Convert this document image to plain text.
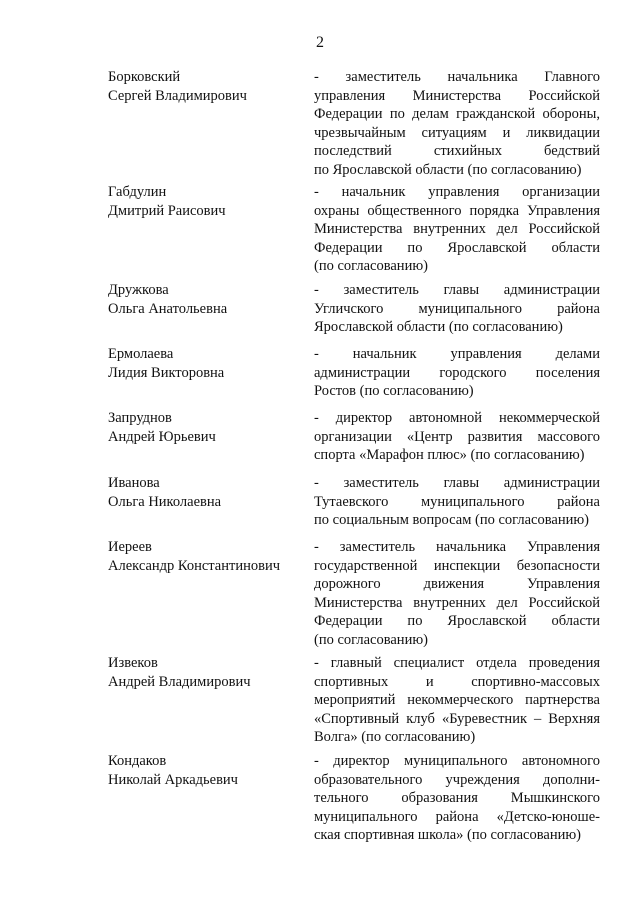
2
Борковский
Сергей Владимирович
- заместитель начальника Главного
управления Министерства Российской
Федерации по делам гражданской обороны,
чрезвычайным ситуациям и ликвидации
последствий стихийных бедствий
по Ярославской области (по согласованию)
Габдулин
Дмитрий Раисович
- начальник управления организации
охраны общественного порядка Управления
Министерства внутренних дел Российской
Федерации по Ярославской области
(по согласованию)
Дружкова
Ольга Анатольевна
- заместитель главы администрации
Угличского муниципального района
Ярославской области (по согласованию)
Ермолаева
Лидия Викторовна
- начальник управления делами
администрации городского поселения
Ростов (по согласованию)
Запруднов
Андрей Юрьевич
- директор автономной некоммерческой
организации «Центр развития массового
спорта «Марафон плюс» (по согласованию)
Иванова
Ольга Николаевна
- заместитель главы администрации
Тутаевского муниципального района
по социальным вопросам (по согласованию)
Иереев
Александр Константинович
- заместитель начальника Управления
государственной инспекции безопасности
дорожного движения Управления
Министерства внутренних дел Российской
Федерации по Ярославской области
(по согласованию)
Извеков
Андрей Владимирович
- главный специалист отдела проведения
спортивных и спортивно-массовых
мероприятий некоммерческого партнерства
«Спортивный клуб «Буревестник – Верхняя
Волга» (по согласованию)
Кондаков
Николай Аркадьевич
- директор муниципального автономного
образовательного учреждения дополни-
тельного образования Мышкинского
муниципального района «Детско-юноше-
ская спортивная школа» (по согласованию)
